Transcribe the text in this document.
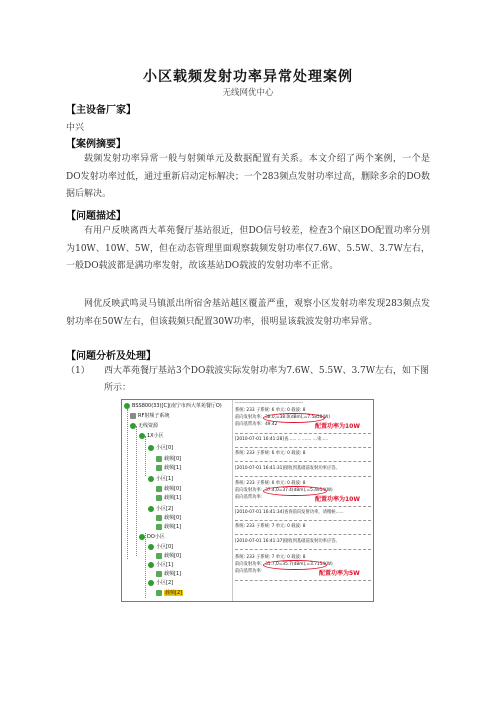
小区载频发射功率异常处理案例
无线网优中心
【主设备厂家】
中兴
【案例摘要】

载频发射功率异常一般与射频单元及数据配置有关系。本文介绍了两个案例，一个是DO发射功率过低，通过重新启动定标解决；一个283频点发射功率过高，删除多余的DO数据后解决。

【问题描述】

有用户反映离西大革苑餐厅基站很近，但DO信号较差，检查3个扇区DO配置功率分别为10W、10W、5W，但在动态管理里面观察载频发射功率仅7.6W、5.5W、3.7W左右，一般DO载波都是满功率发射，故该基站DO载波的发射功率不正常。

网优反映武鸣灵马镇派出所宿舍基站越区覆盖严重，观察小区发射功率发现283频点发射功率在50W左右，但该载频只配置30W功率，很明显该载波发射功率异常。

【问题分析及处理】
（1） 西大革苑餐厅基站3个DO载波实际发射功率为7.6W、5.5W、3.7W左右，如下图所示：
BSS800(33)[C](南宁市西大革苑餐厅O)
RF射频子系统
无线资源
1X小区
小区[0]
载频[0]
载频[1]
小区[1]
载频[0]
载频[1]
小区[2]
载频[0]
载频[1]
DO小区
小区[0]
载频[0]
小区[1]
载频[1]
小区[2]
载频[2]
--------------------------------------------
系统: 233 子系统: 6 单元: 0 载波: 8
前向发射功率：38.0,=38.0(dBm),=7.5858(W)
前向基带功率：49.42	配置功率为10W
[2010-07-01 16:41:28]查...... .. ....... ...束.....
系统: 233 子系统: 6 单元: 0 载波: 8
[2010-07-01 16:41:31]接收到基础前发射功率应答。
系统: 233 子系统: 6 单元: 0 载波: 8
前向发射功率：37.4,0=37.4(dBm),=5.4954(W)
前向基带功率：	配置功率为10W
[2010-07-01 16:41:34]查询前向发射功率，请稍候......
系统: 233 子系统: 7 单元: 0 载波: 8
[2010-07-01 16:41:37]接收到基础前发射功率应答。
系统: 233 子系统: 7 单元: 0 载波: 8
前向发射功率：35.7,0=35.7(dBm),=3.7154(W)
前向基带功率：	配置功率为5W
